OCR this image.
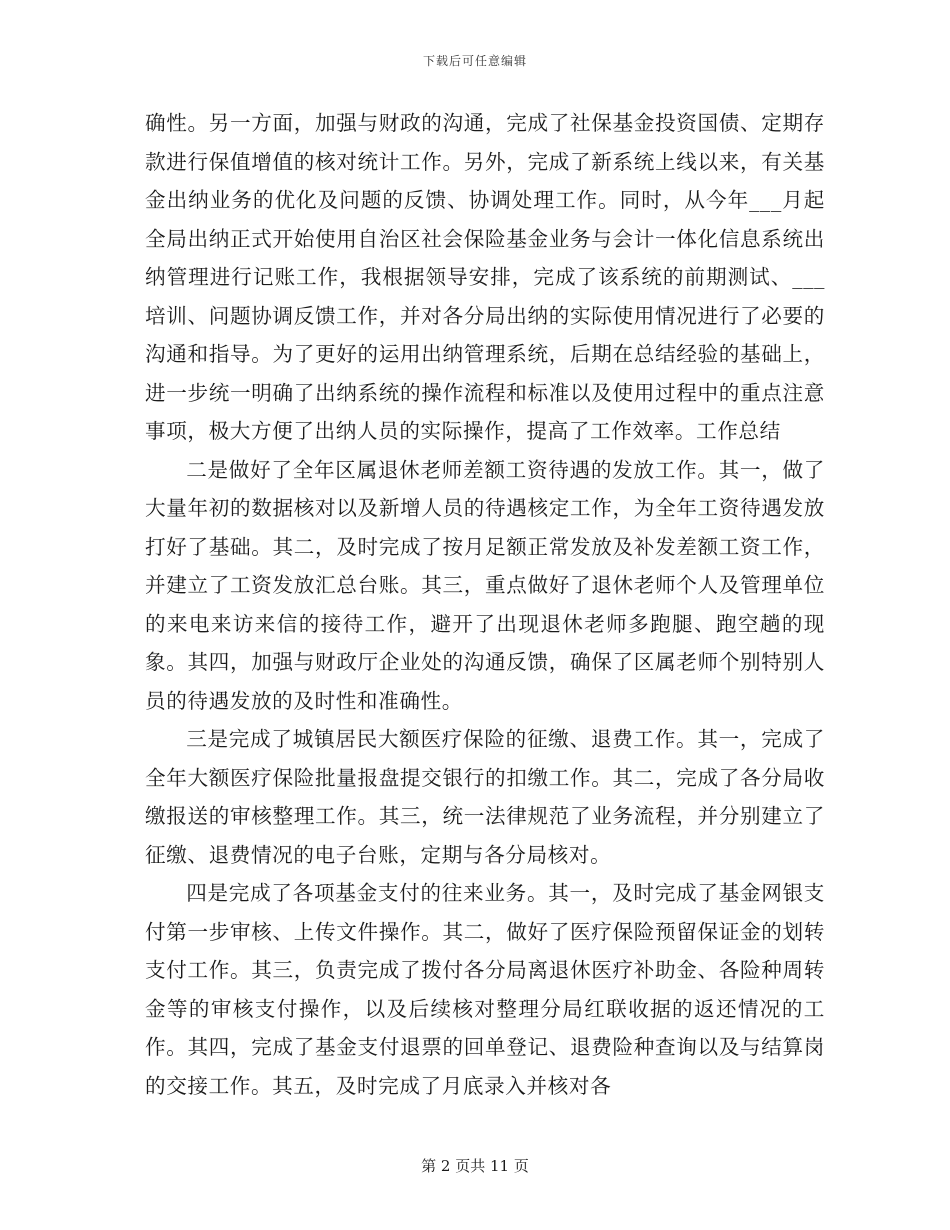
下载后可任意编辑

确性。另一方面，加强与财政的沟通，完成了社保基金投资国债、定期存款进行保值增值的核对统计工作。另外，完成了新系统上线以来，有关基金出纳业务的优化及问题的反馈、协调处理工作。同时，从今年___月起全局出纳正式开始使用自治区社会保险基金业务与会计一体化信息系统出纳管理进行记账工作，我根据领导安排，完成了该系统的前期测试、___培训、问题协调反馈工作，并对各分局出纳的实际使用情况进行了必要的沟通和指导。为了更好的运用出纳管理系统，后期在总结经验的基础上，进一步统一明确了出纳系统的操作流程和标准以及使用过程中的重点注意事项，极大方便了出纳人员的实际操作，提高了工作效率。工作总结

二是做好了全年区属退休老师差额工资待遇的发放工作。其一，做了大量年初的数据核对以及新增人员的待遇核定工作，为全年工资待遇发放打好了基础。其二，及时完成了按月足额正常发放及补发差额工资工作，并建立了工资发放汇总台账。其三，重点做好了退休老师个人及管理单位的来电来访来信的接待工作，避开了出现退休老师多跑腿、跑空趟的现象。其四，加强与财政厅企业处的沟通反馈，确保了区属老师个别特别人员的待遇发放的及时性和准确性。

三是完成了城镇居民大额医疗保险的征缴、退费工作。其一，完成了全年大额医疗保险批量报盘提交银行的扣缴工作。其二，完成了各分局收缴报送的审核整理工作。其三，统一法律规范了业务流程，并分别建立了征缴、退费情况的电子台账，定期与各分局核对。

四是完成了各项基金支付的往来业务。其一，及时完成了基金网银支付第一步审核、上传文件操作。其二，做好了医疗保险预留保证金的划转支付工作。其三，负责完成了拨付各分局离退休医疗补助金、各险种周转金等的审核支付操作，以及后续核对整理分局红联收据的返还情况的工作。其四，完成了基金支付退票的回单登记、退费险种查询以及与结算岗的交接工作。其五，及时完成了月底录入并核对各

第 2 页共 11 页
